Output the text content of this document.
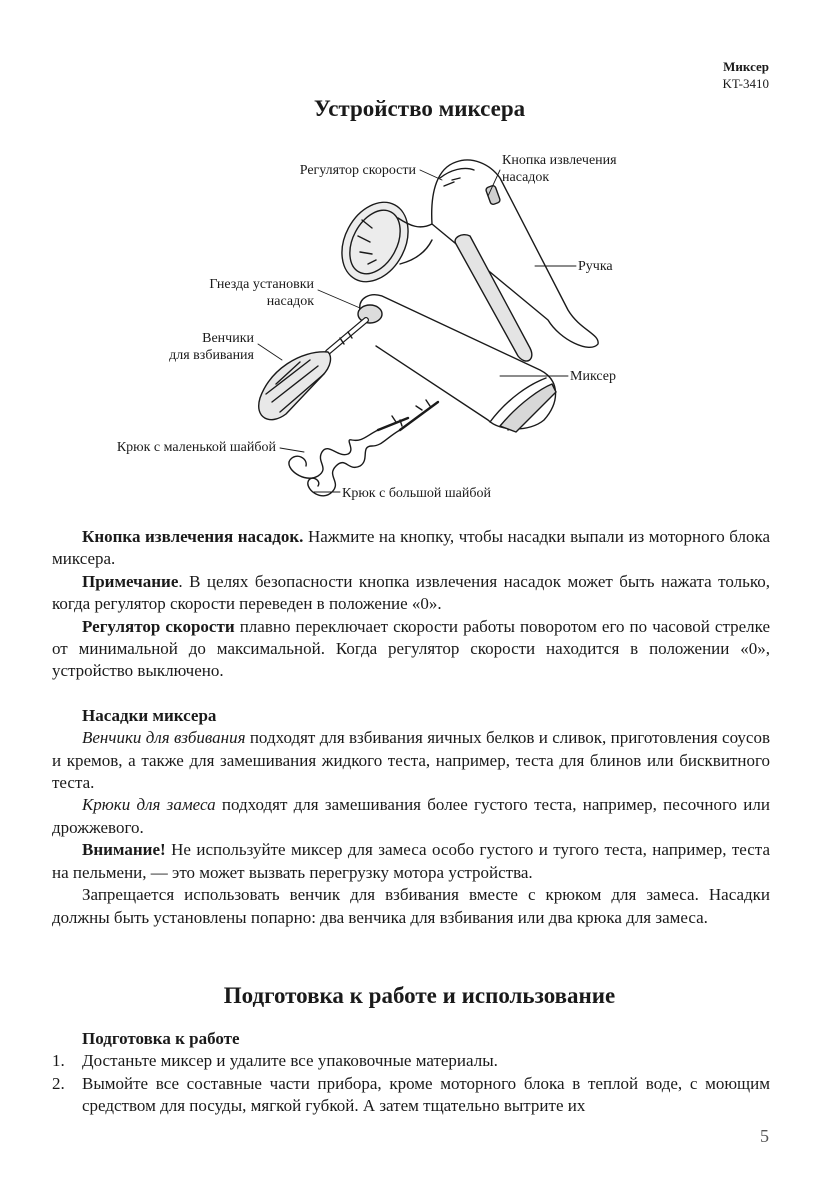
Миксер
KT-3410
Устройство миксера
Регулятор скорости
Кнопка извлечения
насадок
Ручка
Гнезда установки
насадок
Венчики
для взбивания
Миксер
Крюк с маленькой шайбой
Крюк с большой шайбой

Кнопка извлечения насадок. Нажмите на кнопку, чтобы насадки выпали из моторного блока миксера.

Примечание. В целях безопасности кнопка извлечения насадок может быть нажата только, когда регулятор скорости переведен в положение «0».

Регулятор скорости плавно переключает скорости работы поворотом его по часовой стрелке от минимальной до максимальной. Когда регулятор скорости находится в положении «0», устройство выключено.

Насадки миксера

Венчики для взбивания подходят для взбивания яичных белков и сливок, приготовления соусов и кремов, а также для замешивания жидкого теста, например, теста для блинов или бисквитного теста.

Крюки для замеса подходят для замешивания более густого теста, например, песочного или дрожжевого.

Внимание! Не используйте миксер для замеса особо густого и тугого теста, например, теста на пельмени, — это может вызвать перегрузку мотора устройства.

Запрещается использовать венчик для взбивания вместе с крюком для замеса. Насадки должны быть установлены попарно: два венчика для взбивания или два крюка для замеса.

Подготовка к работе и использование

Подготовка к работе

1. Достаньте миксер и удалите все упаковочные материалы.
2. Вымойте все составные части прибора, кроме моторного блока в теплой воде, с моющим средством для посуды, мягкой губкой. А затем тщательно вытрите их
5
